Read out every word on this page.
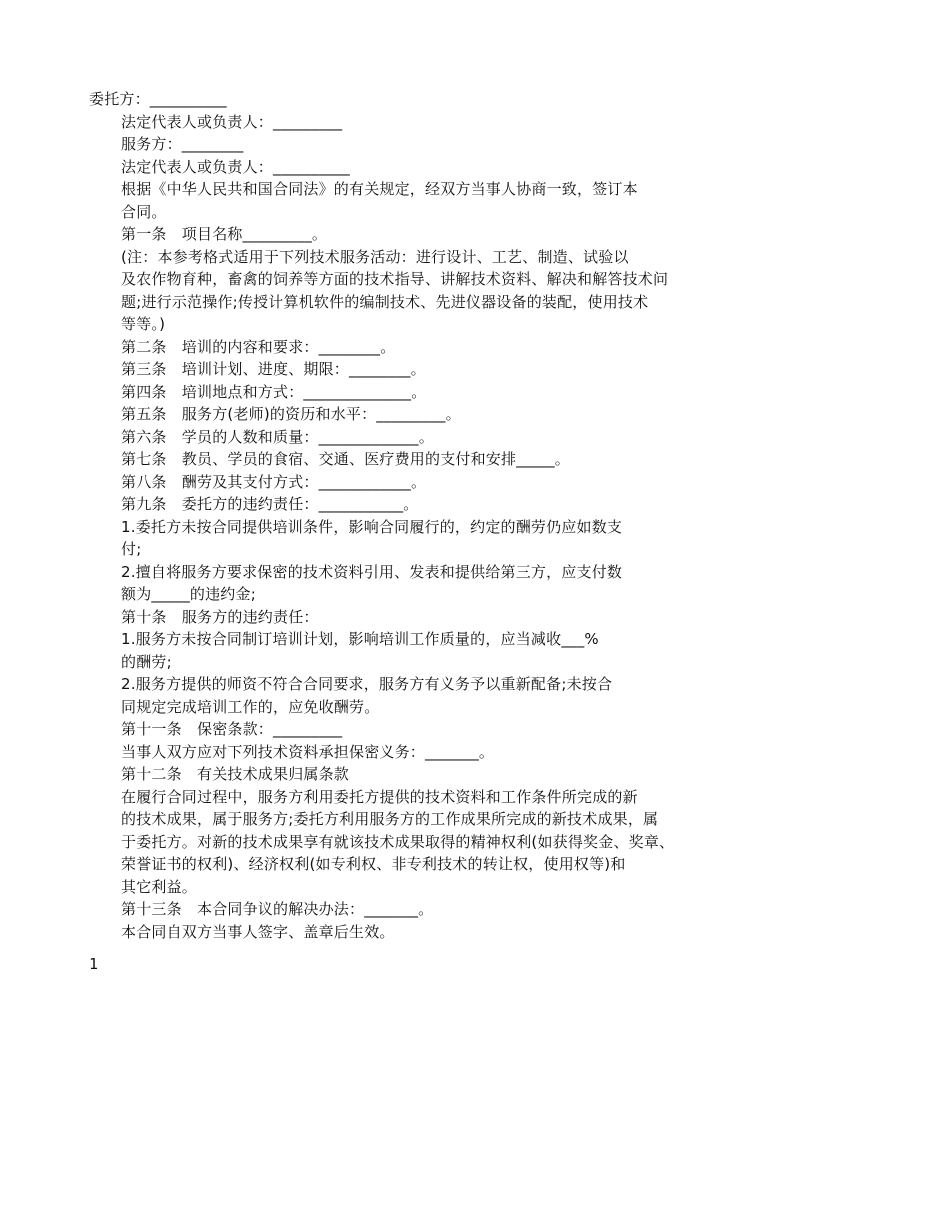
委托方：__________
法定代表人或负责人：_________
服务方：________
法定代表人或负责人：__________
根据《中华人民共和国合同法》的有关规定，经双方当事人协商一致，签订本
合同。
第一条　项目名称_________。
(注：本参考格式适用于下列技术服务活动：进行设计、工艺、制造、试验以
及农作物育种，畜禽的饲养等方面的技术指导、讲解技术资料、解决和解答技术问
题;进行示范操作;传授计算机软件的编制技术、先进仪器设备的装配，使用技术
等等。)
第二条　培训的内容和要求：________。
第三条　培训计划、进度、期限：________。
第四条　培训地点和方式：______________。
第五条　服务方(老师)的资历和水平：_________。
第六条　学员的人数和质量：_____________。
第七条　教员、学员的食宿、交通、医疗费用的支付和安排_____。
第八条　酬劳及其支付方式：____________。
第九条　委托方的违约责任：___________。
1.委托方未按合同提供培训条件，影响合同履行的，约定的酬劳仍应如数支
付;
2.擅自将服务方要求保密的技术资料引用、发表和提供给第三方，应支付数
额为_____的违约金;
第十条　服务方的违约责任：
1.服务方未按合同制订培训计划，影响培训工作质量的，应当减收___%
的酬劳;
2.服务方提供的师资不符合合同要求，服务方有义务予以重新配备;未按合
同规定完成培训工作的，应免收酬劳。
第十一条　保密条款：_________
当事人双方应对下列技术资料承担保密义务：_______。
第十二条　有关技术成果归属条款
在履行合同过程中，服务方利用委托方提供的技术资料和工作条件所完成的新
的技术成果，属于服务方;委托方利用服务方的工作成果所完成的新技术成果，属
于委托方。对新的技术成果享有就该技术成果取得的精神权利(如获得奖金、奖章、
荣誉证书的权利)、经济权利(如专利权、非专利技术的转让权，使用权等)和
其它利益。
第十三条　本合同争议的解决办法：_______。
本合同自双方当事人签字、盖章后生效。
1
